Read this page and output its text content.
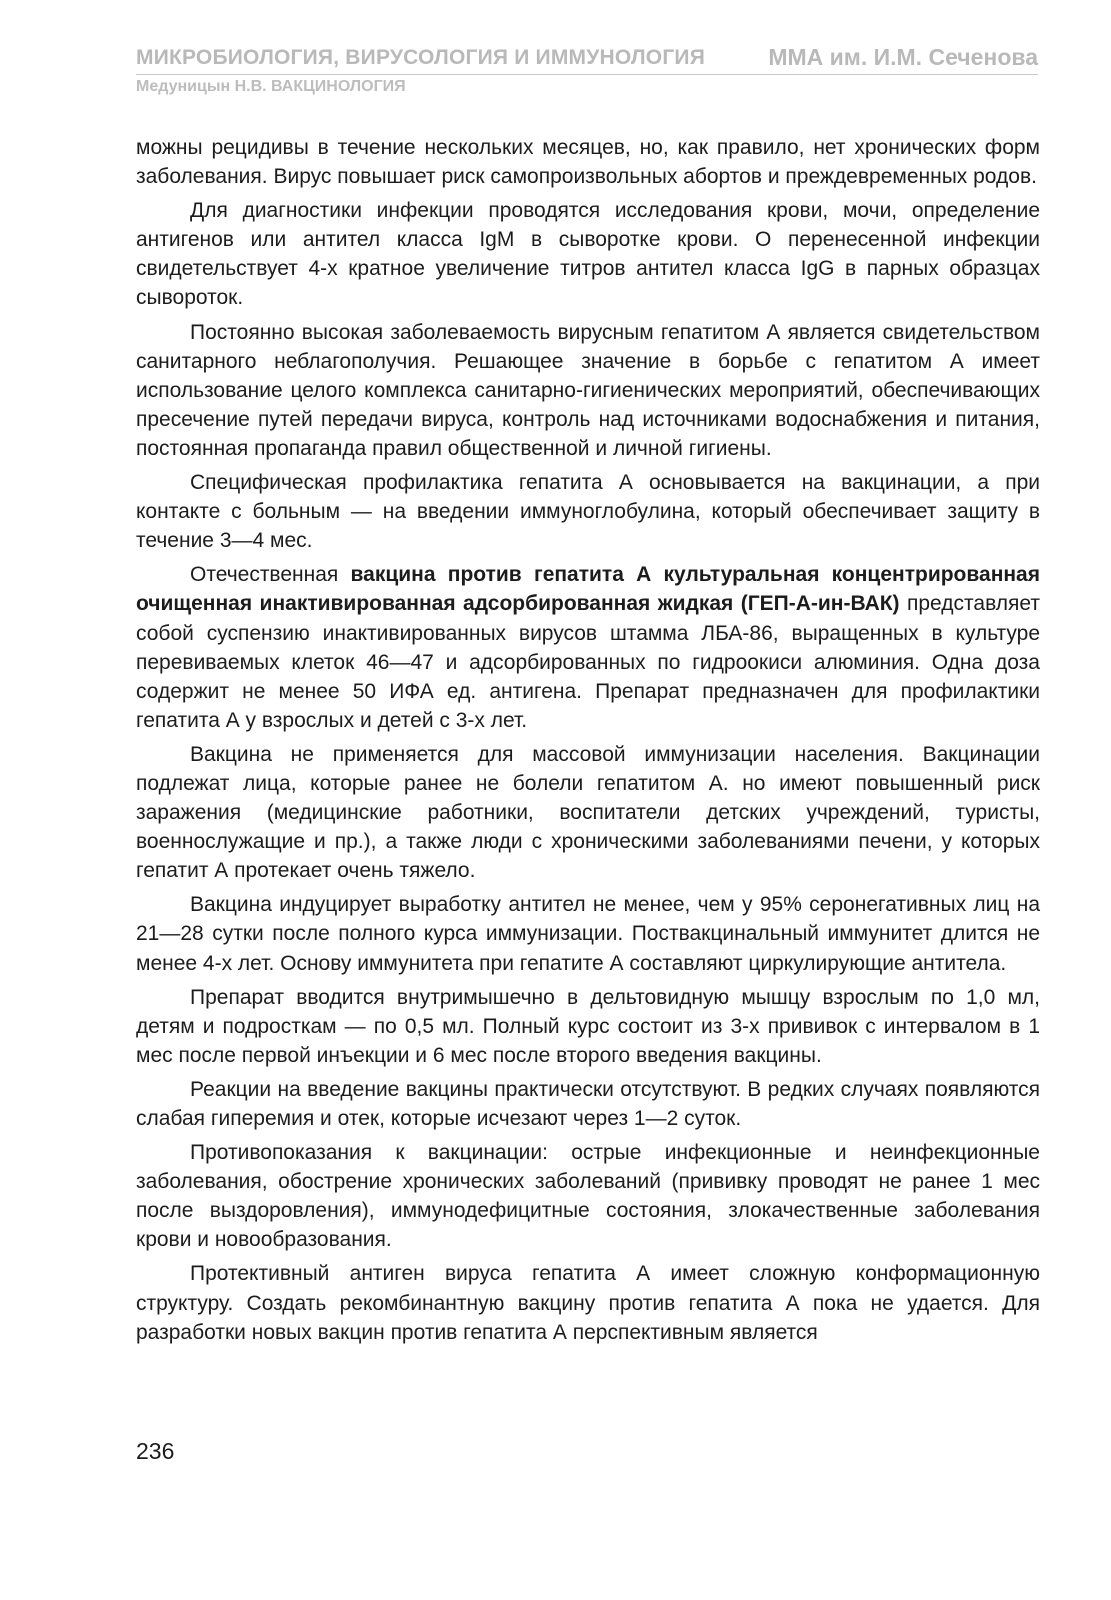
МИКРОБИОЛОГИЯ, ВИРУСОЛОГИЯ И ИММУНОЛОГИЯ	ММА им. И.М. Сеченова
Медуницын Н.В. ВАКЦИНОЛОГИЯ

можны рецидивы в течение нескольких месяцев, но, как правило, нет хронических форм заболевания. Вирус повышает риск самопроизвольных абортов и преждевременных родов.

Для диагностики инфекции проводятся исследования крови, мочи, определение антигенов или антител класса IgM в сыворотке крови. О перенесенной инфекции свидетельствует 4-х кратное увеличение титров антител класса IgG в парных образцах сывороток.

Постоянно высокая заболеваемость вирусным гепатитом А является свидетельством санитарного неблагополучия. Решающее значение в борьбе с гепатитом А имеет использование целого комплекса санитарно-гигиенических мероприятий, обеспечивающих пресечение путей передачи вируса, контроль над источниками водоснабжения и питания, постоянная пропаганда правил общественной и личной гигиены.

Специфическая профилактика гепатита А основывается на вакцинации, а при контакте с больным — на введении иммуноглобулина, который обеспечивает защиту в течение 3—4 мес.

Отечественная вакцина против гепатита А культуральная концентрированная очищенная инактивированная адсорбированная жидкая (ГЕП-А-ин-ВАК) представляет собой суспензию инактивированных вирусов штамма ЛБА-86, выращенных в культуре перевиваемых клеток 46—47 и адсорбированных по гидроокиси алюминия. Одна доза содержит не менее 50 ИФА ед. антигена. Препарат предназначен для профилактики гепатита А у взрослых и детей с 3-х лет.

Вакцина не применяется для массовой иммунизации населения. Вакцинации подлежат лица, которые ранее не болели гепатитом А. но имеют повышенный риск заражения (медицинские работники, воспитатели детских учреждений, туристы, военнослужащие и пр.), а также люди с хроническими заболеваниями печени, у которых гепатит А протекает очень тяжело.

Вакцина индуцирует выработку антител не менее, чем у 95% серонегативных лиц на 21—28 сутки после полного курса иммунизации. Поствакцинальный иммунитет длится не менее 4-х лет. Основу иммунитета при гепатите А составляют циркулирующие антитела.

Препарат вводится внутримышечно в дельтовидную мышцу взрослым по 1,0 мл, детям и подросткам — по 0,5 мл. Полный курс состоит из 3-х прививок с интервалом в 1 мес после первой инъекции и 6 мес после второго введения вакцины.

Реакции на введение вакцины практически отсутствуют. В редких случаях появляются слабая гиперемия и отек, которые исчезают через 1—2 суток.

Противопоказания к вакцинации: острые инфекционные и неинфекционные заболевания, обострение хронических заболеваний (прививку проводят не ранее 1 мес после выздоровления), иммунодефицитные состояния, злокачественные заболевания крови и новообразования.

Протективный антиген вируса гепатита А имеет сложную конформационную структуру. Создать рекомбинантную вакцину против гепатита А пока не удается. Для разработки новых вакцин против гепатита А перспективным является

236
